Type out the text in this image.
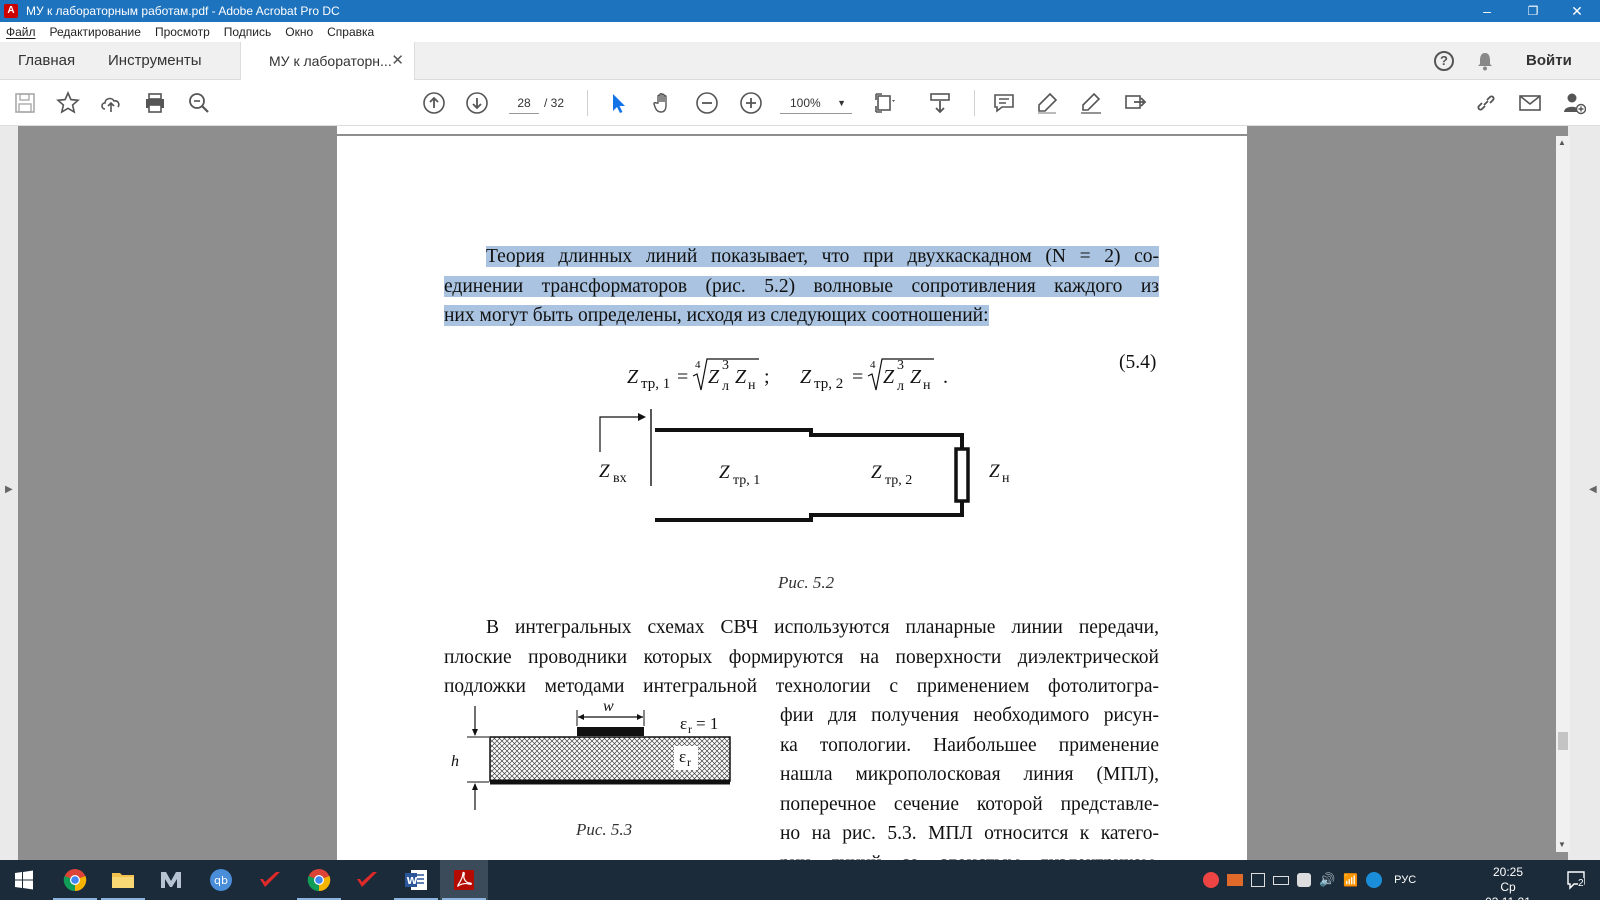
A МУ к лабораторным работам.pdf - Adobe Acrobat Pro DC	–	❐	✕
Файл	Редактирование	Просмотр	Подпись	Окно	Справка
Главная Инструменты	МУ к лабораторн... ✕	?	Войти
28	/ 32	100% ▼
▶	◀
▲
▼
Теория длинных линий показывает, что при двухкаскадном (N = 2) со-
единении трансформаторов (рис. 5.2) волновые сопротивления каждого из
них могут быть определены, исходя из следующих соотношений:
Z тр, 1 =
4
Z
3
л Z н ; Z тр, 2 =
4
Z
3
л Z н .
(5.4)
Z вх	Z тр, 1	Z тр, 2	Z н
Рис. 5.2
В интегральных схемах СВЧ используются планарные линии передачи,
плоские проводники которых формируются на поверхности диэлектрической
подложки методами интегральной технологии с применением фотолитогра-
фии для получения необходимого рисун-
ка топологии. Наибольшее применение
нашла микрополосковая линия (МПЛ),
поперечное сечение которой представле-
но на рис. 5.3. МПЛ относится к катего-
w
h
ε r = 1
ε r
Рис. 5.3
qb	W	🔊 📶	РУС
20:25
Ср 03.11.21
2
